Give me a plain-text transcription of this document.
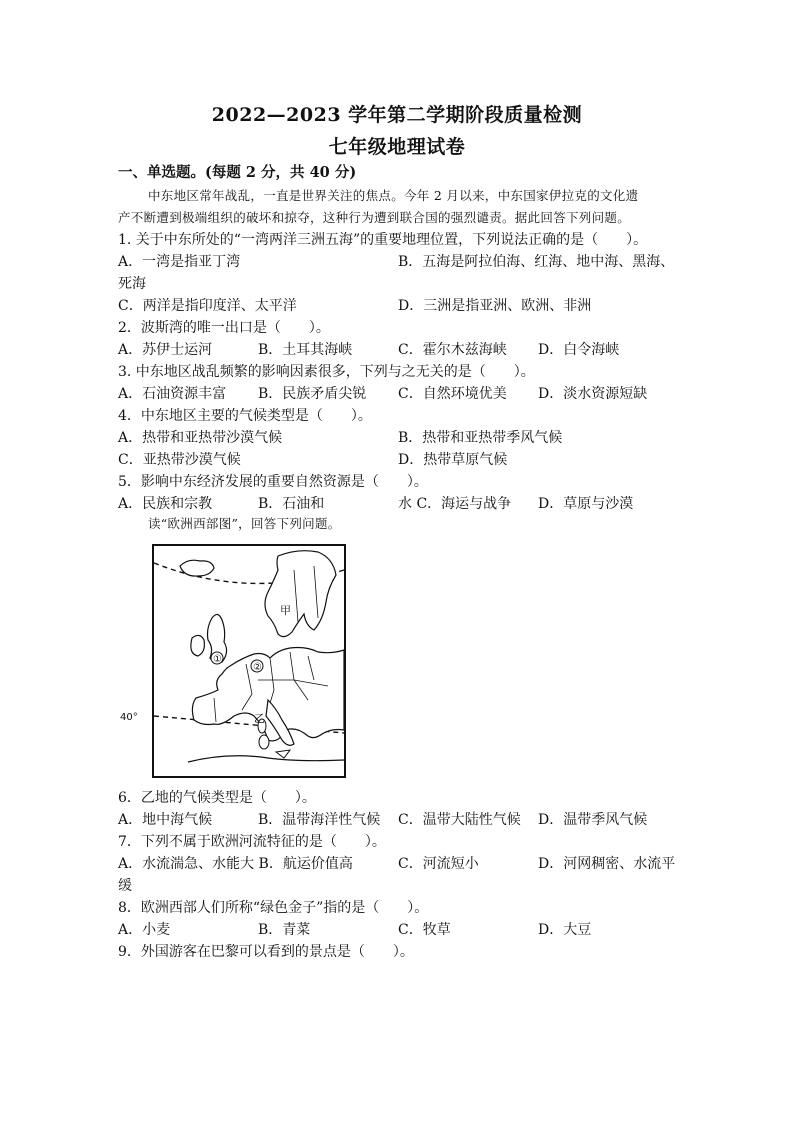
2022—2023 学年第二学期阶段质量检测
七年级地理试卷
一、单选题。(每题 2 分，共 40 分)
中东地区常年战乱，一直是世界关注的焦点。今年 2 月以来，中东国家伊拉克的文化遗
产不断遭到极端组织的破坏和掠夺，这种行为遭到联合国的强烈谴责。据此回答下列问题。
1. 关于中东所处的“一湾两洋三洲五海”的重要地理位置，下列说法正确的是（　　）。
A．一湾是指亚丁湾	B．五海是阿拉伯海、红海、地中海、黑海、
死海
C．两洋是指印度洋、太平洋	D．三洲是指亚洲、欧洲、非洲
2．波斯湾的唯一出口是（　　）。
A．苏伊士运河	B．土耳其海峡	C．霍尔木兹海峡 D．白令海峡
3. 中东地区战乱频繁的影响因素很多，下列与之无关的是（　　）。
A．石油资源丰富 B．民族矛盾尖锐 C．自然环境优美 D．淡水资源短缺
4．中东地区主要的气候类型是（　　）。
A．热带和亚热带沙漠气候	B．热带和亚热带季风气候
C．亚热带沙漠气候	D．热带草原气候
5．影响中东经济发展的重要自然资源是（　　）。
A．民族和宗教	B．石油和	水 C．海运与战争 D．草原与沙漠
读“欧洲西部图”，回答下列问题。
40°
①
②
甲
乙
6．乙地的气候类型是（　　）。
A．地中海气候	B．温带海洋性气候 C．温带大陆性气候 D．温带季风气候
7．下列不属于欧洲河流特征的是（　　）。
A．水流湍急、水能大 B．航运价值高	C．河流短小	D．河网稠密、水流平
缓
8．欧洲西部人们所称“绿色金子”指的是（　　）。
A．小麦	B．青菜	C．牧草	D．大豆
9．外国游客在巴黎可以看到的景点是（　　）。
